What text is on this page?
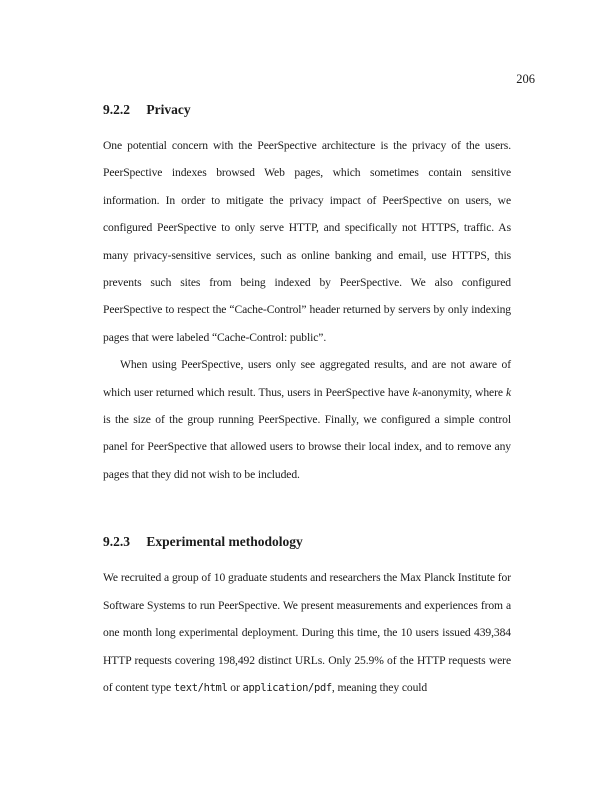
206
9.2.2 Privacy

One potential concern with the PeerSpective architecture is the privacy of the users. PeerSpective indexes browsed Web pages, which sometimes contain sensitive information. In order to mitigate the privacy impact of PeerSpective on users, we configured PeerSpective to only serve HTTP, and specifically not HTTPS, traffic. As many privacy-sensitive services, such as online banking and email, use HTTPS, this prevents such sites from being indexed by PeerSpective. We also configured PeerSpective to respect the “Cache-Control” header returned by servers by only indexing pages that were labeled “Cache-Control: public”.

When using PeerSpective, users only see aggregated results, and are not aware of which user returned which result. Thus, users in PeerSpective have k-anonymity, where k is the size of the group running PeerSpective. Finally, we configured a simple control panel for PeerSpective that allowed users to browse their local index, and to remove any pages that they did not wish to be included.

9.2.3 Experimental methodology

We recruited a group of 10 graduate students and researchers the Max Planck Institute for Software Systems to run PeerSpective. We present measurements and experiences from a one month long experimental deployment. During this time, the 10 users issued 439,384 HTTP requests covering 198,492 distinct URLs. Only 25.9% of the HTTP requests were of content type text/html or application/pdf, meaning they could
